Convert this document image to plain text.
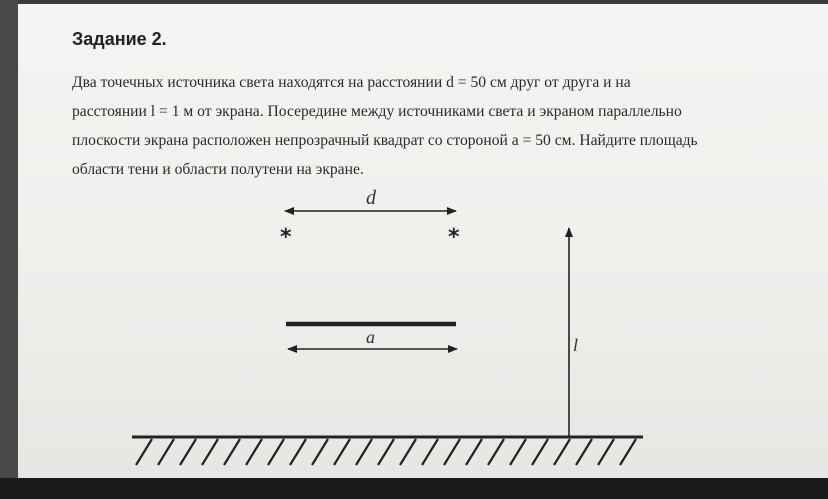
Задание 2.
Два точечных источника света находятся на расстоянии d = 50 см друг от друга и на
расстоянии l = 1 м от экрана. Посередине между источниками света и экраном параллельно
плоскости экрана расположен непрозрачный квадрат со стороной a = 50 см. Найдите площадь
области тени и области полутени на экране.
d
*	*
a	l
